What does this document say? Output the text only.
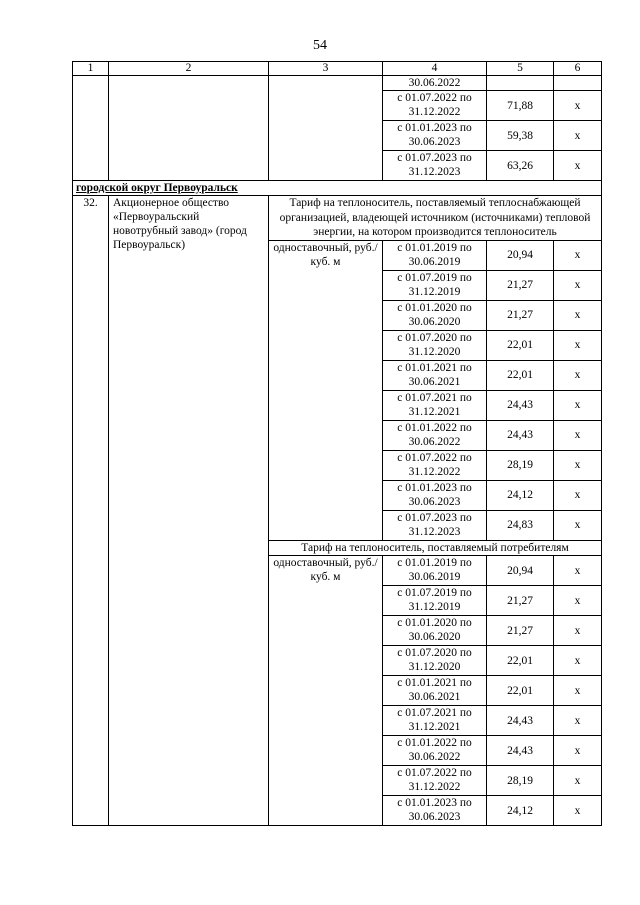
54
1	2	3	4	5	6
			30.06.2022		
			с 01.07.2022 по 31.12.2022	71,88	х
			с 01.01.2023 по 30.06.2023	59,38	х
			с 01.07.2023 по 31.12.2023	63,26	х
городской округ Первоуральск					
32.	Акционерное общество «Первоуральский новотрубный завод» (город Первоуральск)	Тариф на теплоноситель, поставляемый теплоснабжающей организацией, владеющей источником (источниками) тепловой энергии, на котором производится теплоноситель			
		одноставочный, руб./куб. м	с 01.01.2019 по 30.06.2019	20,94	х
			с 01.07.2019 по 31.12.2019	21,27	х
			с 01.01.2020 по 30.06.2020	21,27	х
			с 01.07.2020 по 31.12.2020	22,01	х
			с 01.01.2021 по 30.06.2021	22,01	х
			с 01.07.2021 по 31.12.2021	24,43	х
			с 01.01.2022 по 30.06.2022	24,43	х
			с 01.07.2022 по 31.12.2022	28,19	х
			с 01.01.2023 по 30.06.2023	24,12	х
			с 01.07.2023 по 31.12.2023	24,83	х
		Тариф на теплоноситель, поставляемый потребителям			
		одноставочный, руб./куб. м	с 01.01.2019 по 30.06.2019	20,94	х
			с 01.07.2019 по 31.12.2019	21,27	х
			с 01.01.2020 по 30.06.2020	21,27	х
			с 01.07.2020 по 31.12.2020	22,01	х
			с 01.01.2021 по 30.06.2021	22,01	х
			с 01.07.2021 по 31.12.2021	24,43	х
			с 01.01.2022 по 30.06.2022	24,43	х
			с 01.07.2022 по 31.12.2022	28,19	х
			с 01.01.2023 по 30.06.2023	24,12	х
